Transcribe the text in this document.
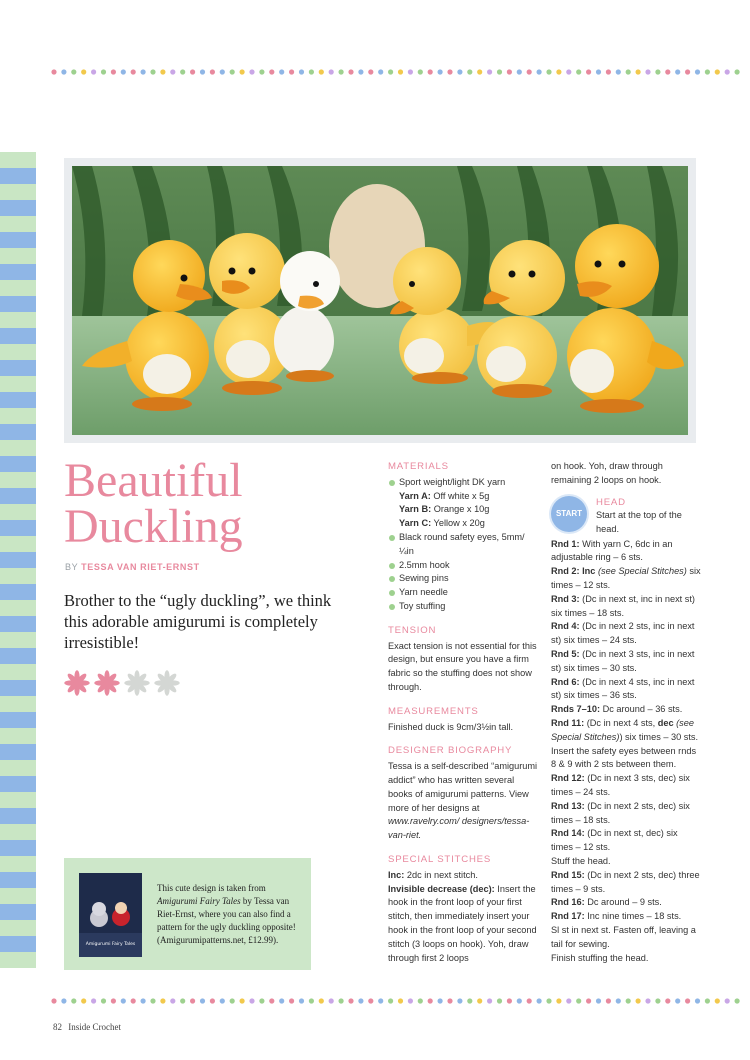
Beautiful
Duckling
BY TESSA VAN RIET-ERNST

Brother to the “ugly duckling”, we think this adorable amigurumi is completely irresistible!

Amigurumi Fairy Tales

This cute design is taken from Amigurumi Fairy Tales by Tessa van Riet-Ernst, where you can also find a pattern for the ugly duckling opposite! (Amigurumipatterns.net, £12.99).

MATERIALS
Sport weight/light DK yarn
Yarn A: Off white x 5g
Yarn B: Orange x 10g
Yarn C: Yellow x 20g
Black round safety eyes, 5mm/¼in
2.5mm hook
Sewing pins
Yarn needle
Toy stuffing
TENSION

Exact tension is not essential for this design, but ensure you have a firm fabric so the stuffing does not show through.

MEASUREMENTS

Finished duck is 9cm/3½in tall.

DESIGNER BIOGRAPHY

Tessa is a self-described “amigurumi addict” who has written several books of amigurumi patterns. View more of her designs at www.ravelry.com/ designers/tessa-van-riet.

SPECIAL STITCHES

Inc: 2dc in next stitch.

Invisible decrease (dec): Insert the hook in the front loop of your first stitch, then immediately insert your hook in the front loop of your second stitch (3 loops on hook). Yoh, draw through first 2 loops

on hook. Yoh, draw through remaining 2 loops on hook.

START
HEAD

Start at the top of the head.

Rnd 1: With yarn C, 6dc in an adjustable ring – 6 sts.

Rnd 2: Inc (see Special Stitches) six times – 12 sts.

Rnd 3: (Dc in next st, inc in next st) six times – 18 sts.

Rnd 4: (Dc in next 2 sts, inc in next st) six times – 24 sts.

Rnd 5: (Dc in next 3 sts, inc in next st) six times – 30 sts.

Rnd 6: (Dc in next 4 sts, inc in next st) six times – 36 sts.

Rnds 7–10: Dc around – 36 sts.

Rnd 11: (Dc in next 4 sts, dec (see Special Stitches)) six times – 30 sts.

Insert the safety eyes between rnds 8 & 9 with 2 sts between them.

Rnd 12: (Dc in next 3 sts, dec) six times – 24 sts.

Rnd 13: (Dc in next 2 sts, dec) six times – 18 sts.

Rnd 14: (Dc in next st, dec) six times – 12 sts.

Stuff the head.

Rnd 15: (Dc in next 2 sts, dec) three times – 9 sts.

Rnd 16: Dc around – 9 sts.

Rnd 17: Inc nine times – 18 sts.

Sl st in next st. Fasten off, leaving a tail for sewing.

Finish stuffing the head.

82 Inside Crochet
